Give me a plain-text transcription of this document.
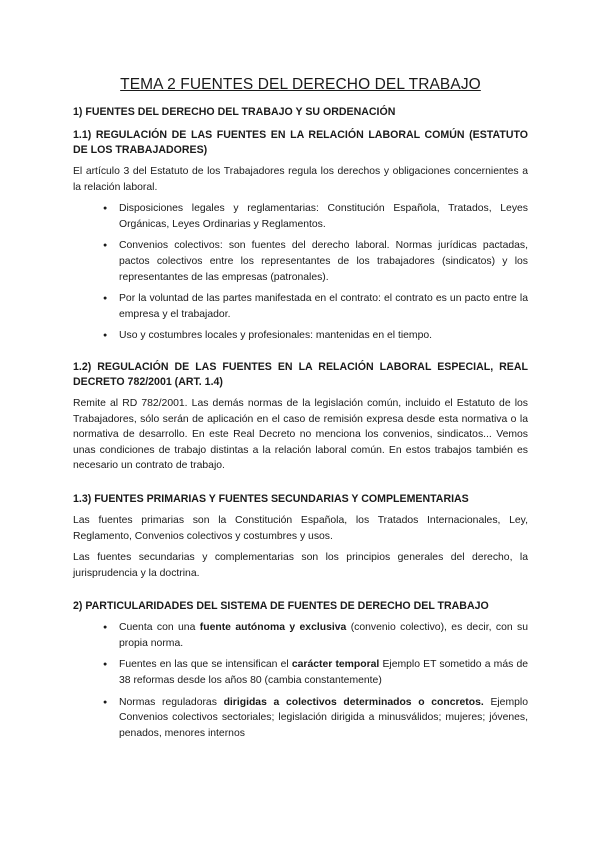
TEMA 2 FUENTES DEL DERECHO DEL TRABAJO
1) FUENTES DEL DERECHO DEL TRABAJO Y SU ORDENACIÓN
1.1) REGULACIÓN DE LAS FUENTES EN LA RELACIÓN LABORAL COMÚN (ESTATUTO DE LOS TRABAJADORES)

El artículo 3 del Estatuto de los Trabajadores regula los derechos y obligaciones concernientes a la relación laboral.

● Disposiciones legales y reglamentarias: Constitución Española, Tratados, Leyes Orgánicas, Leyes Ordinarias y Reglamentos.
● Convenios colectivos: son fuentes del derecho laboral. Normas jurídicas pactadas, pactos colectivos entre los representantes de los trabajadores (sindicatos) y los representantes de las empresas (patronales).
● Por la voluntad de las partes manifestada en el contrato: el contrato es un pacto entre la empresa y el trabajador.
● Uso y costumbres locales y profesionales: mantenidas en el tiempo.
1.2) REGULACIÓN DE LAS FUENTES EN LA RELACIÓN LABORAL ESPECIAL, REAL DECRETO 782/2001 (ART. 1.4)

Remite al RD 782/2001. Las demás normas de la legislación común, incluido el Estatuto de los Trabajadores, sólo serán de aplicación en el caso de remisión expresa desde esta normativa o la normativa de desarrollo. En este Real Decreto no menciona los convenios, sindicatos... Vemos unas condiciones de trabajo distintas a la relación laboral común. En estos trabajos también es necesario un contrato de trabajo.

1.3) FUENTES PRIMARIAS Y FUENTES SECUNDARIAS Y COMPLEMENTARIAS

Las fuentes primarias son la Constitución Española, los Tratados Internacionales, Ley, Reglamento, Convenios colectivos y costumbres y usos.

Las fuentes secundarias y complementarias son los principios generales del derecho, la jurisprudencia y la doctrina.

2) PARTICULARIDADES DEL SISTEMA DE FUENTES DE DERECHO DEL TRABAJO
● Cuenta con una fuente autónoma y exclusiva (convenio colectivo), es decir, con su propia norma.
● Fuentes en las que se intensifican el carácter temporal Ejemplo ET sometido a más de 38 reformas desde los años 80 (cambia constantemente)
● Normas reguladoras dirigidas a colectivos determinados o concretos. Ejemplo Convenios colectivos sectoriales; legislación dirigida a minusválidos; mujeres; jóvenes, penados, menores internos
